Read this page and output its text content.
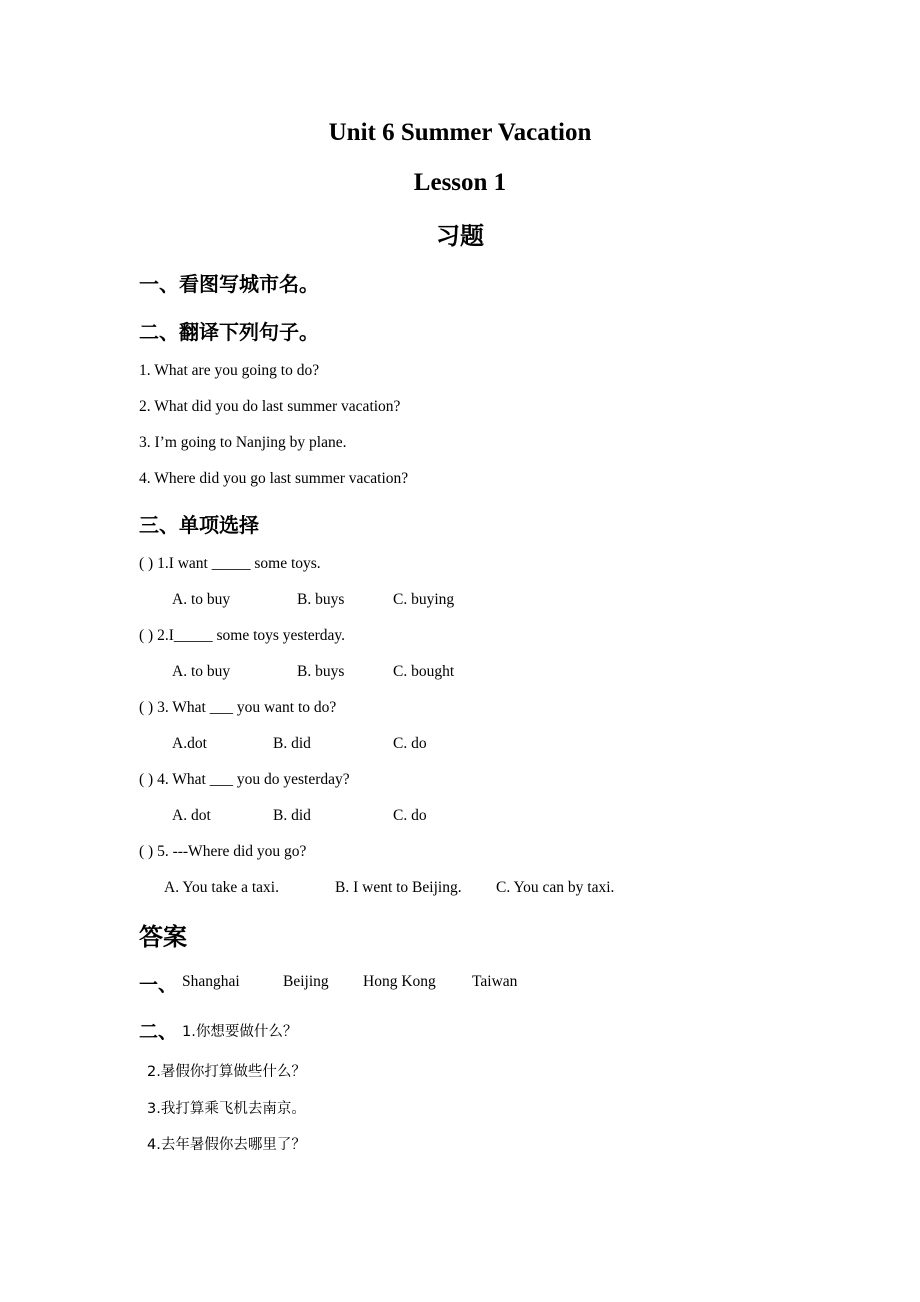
Unit 6 Summer Vacation
Lesson 1
习题
一、看图写城市名。
二、翻译下列句子。
1. What are you going to do?
2. What did you do last summer vacation?
3. I’m going to Nanjing by plane.
4. Where did you go last summer vacation?
三、单项选择
( ) 1.I want _____ some toys.
A. to buy	B. buys	C. buying
( ) 2.I_____ some toys yesterday.
A. to buy	B. buys	C. bought
( ) 3. What ___ you want to do?
A.dot	B. did	C. do
( ) 4. What ___ you do yesterday?
A. dot	B. did	C. do
( ) 5. ---Where did you go?
A. You take a taxi.	B. I went to Beijing. C. You can by taxi.
答案
一、 Shanghai	Beijing Hong Kong Taiwan
二、 1.你想要做什么？
2.暑假你打算做些什么？
3.我打算乘飞机去南京。
4.去年暑假你去哪里了？
